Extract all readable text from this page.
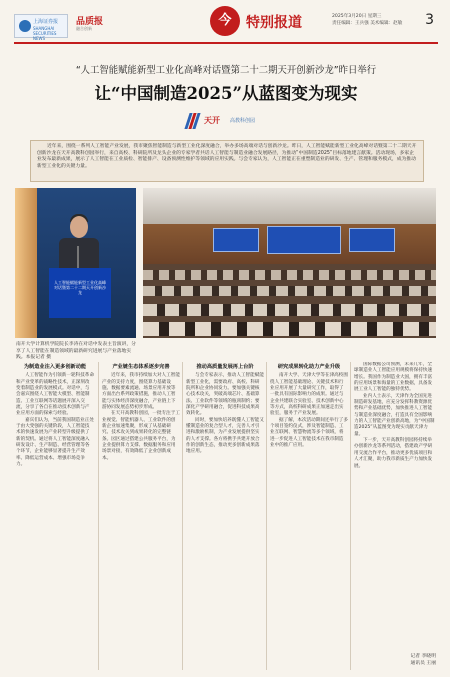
上海证券报
SHANGHAI SECURITIES NEWS
品质报
融合创新
今	特别报道	2025年3月20日 星期三
责任编辑：王兵强 美术编辑：赵敏	3
“人工智能赋能新型工业化高峰对话暨第二十二期天开创新沙龙”昨日举行
让“中国制造2025”从蓝图变为现实
天开 高教科创园

近年来，围绕一系列人工智能产业发展，我市聚焦智能制造与新型工业化深度融合，举办多场高端对话与创新沙龙。昨日，人工智能赋能新型工业化高峰对话暨第二十二期天开创新沙龙在天开高教科创园举行，来自高校、科研院所及龙头企业的专家学者共话人工智能与制造业融合发展路径，为推动“中国制造2025”目标落地建言献策。活动现场，多家企业发布最新成果，展示了人工智能在工业质检、智能排产、设备预测性维护等领域的应用实践。与会专家认为，人工智能正在重塑制造业的研发、生产、管理和服务模式，成为推动新型工业化的关键力量。

人工智能赋能新型工业化高峰对话暨第二十二期天开创新沙龙
南开大学计算机学院院长李涛在对话中发表主旨演讲，分享了人工智能在制造领域的最新研究进展与产业落地实践。本报记者 摄
为制造业注入更多创新动能

人工智能作为引领新一轮科技革命和产业变革的战略性技术，正深刻改变着制造业的发展模式。对话中，与会嘉宾围绕人工智能大模型、智能制造、工业互联网等话题展开深入交流，分享了各自在推动技术创新与产业应用方面的探索与经验。

嘉宾们认为，当前我国制造业正处于由大变强的关键阶段，人工智能技术的快速发展为产业转型升级提供了新的契机。通过将人工智能深度融入研发设计、生产制造、经营管理等各个环节，企业能够显著提升生产效率、降低运营成本、增强市场竞争力。

产业链生态体系逐步完善

近年来，我市持续加大对人工智能产业的支持力度，围绕算力基础设施、数据要素流通、场景应用开放等方面出台系列政策措施，推动人工智能与实体经济深度融合，产业链上下游协同发展态势初步形成。

在天开高教科创园，一批专注于工业视觉、智能机器人、工业软件的创新企业加速集聚，形成了从基础研究、技术攻关到成果转化的完整链条。园区通过搭建公共服务平台，为企业提供算力支撑、数据服务和应用场景对接，有效降低了企业创新成本。

推动高质量发展再上台阶

与会专家表示，推动人工智能赋能新型工业化，需要政府、高校、科研院所和企业协同发力。要加强关键核心技术攻关，突破高端芯片、基础算法、工业软件等领域的瓶颈制约；要深化产学研用融合，促进科技成果高效转化。

同时，要加快培养既懂人工智能又懂制造业的复合型人才，完善人才引进和激励机制，为产业发展提供坚实的人才支撑。各方将携手共建开放合作的创新生态，推动更多创新成果落地应用。

研究成果转化助力产业升级

南开大学、天津大学等在津高校围绕人工智能基础理论、关键技术和行业应用开展了大量研究工作，取得了一批具有国际影响力的成果。通过与企业共建联合实验室、技术创新中心等方式，高校科研成果正加速走出实验室，服务于产业发展。

据了解，本次活动期间还举行了多个项目签约仪式，涉及智能制造、工业互联网、智慧物流等多个领域，将进一步促进人工智能技术在我市制造业中的推广应用。

国际数据公司预测，未来几年，全球制造业人工智能应用规模将保持快速增长。我国作为制造业大国，拥有丰富的应用场景和海量的工业数据，具备发展工业人工智能的独特优势。

业内人士表示，天津作为全国先进制造研发基地，应充分发挥科教资源优势和产业基础优势，加快推进人工智能与制造业深度融合，打造具有全国影响力的人工智能产业创新高地，为“中国制造2025”从蓝图变为现实贡献天津力量。

下一步，天开高教科创园将持续举办创新沙龙等系列活动，搭建政产学研用交流合作平台，推动更多优质项目和人才汇聚，助力我市新质生产力加快发展。

记者 李晓明
通讯员 王丽
